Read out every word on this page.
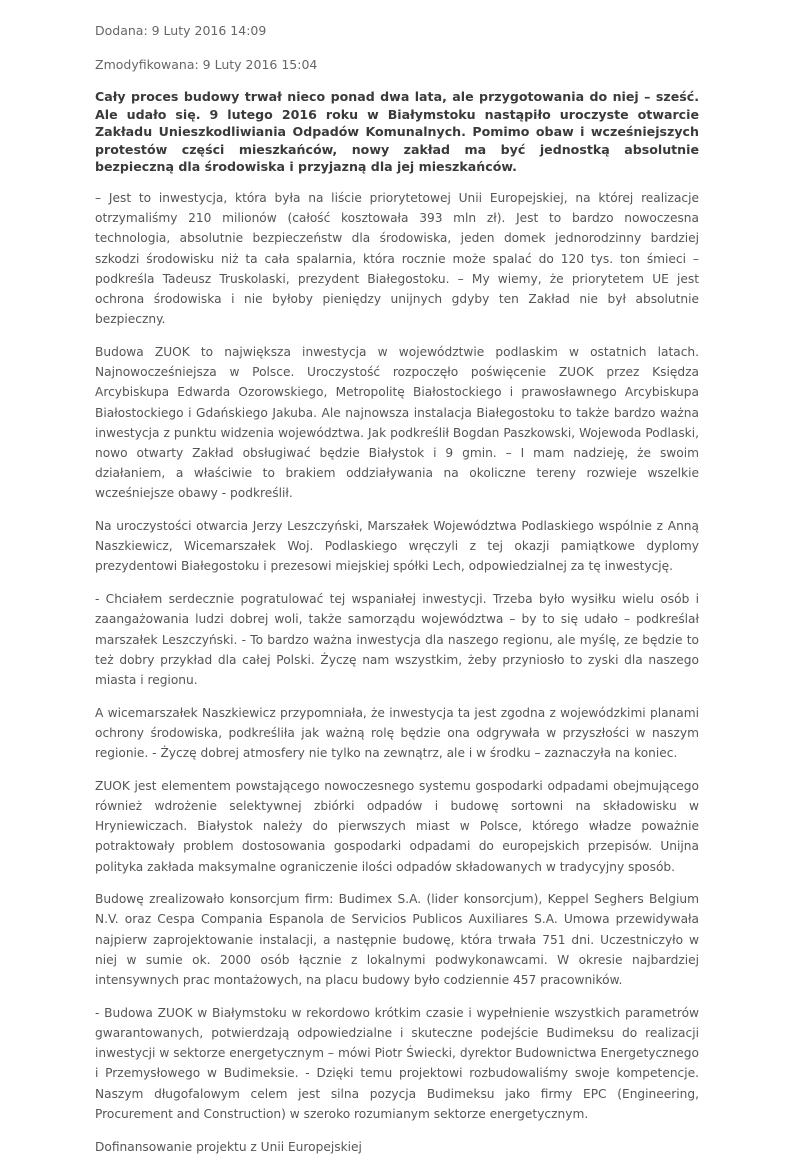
Dodana: 9 Luty 2016 14:09

Zmodyfikowana: 9 Luty 2016 15:04

Cały proces budowy trwał nieco ponad dwa lata, ale przygotowania do niej – sześć. Ale udało się. 9 lutego 2016 roku w Białymstoku nastąpiło uroczyste otwarcie Zakładu Unieszkodliwiania Odpadów Komunalnych. Pomimo obaw i wcześniejszych protestów części mieszkańców, nowy zakład ma być jednostką absolutnie bezpieczną dla środowiska i przyjazną dla jej mieszkańców.

– Jest to inwestycja, która była na liście priorytetowej Unii Europejskiej, na której realizacje otrzymaliśmy 210 milionów (całość kosztowała 393 mln zł). Jest to bardzo nowoczesna technologia, absolutnie bezpieczeństw dla środowiska, jeden domek jednorodzinny bardziej szkodzi środowisku niż ta cała spalarnia, która rocznie może spalać do 120 tys. ton śmieci – podkreśla Tadeusz Truskolaski, prezydent Białegostoku. – My wiemy, że priorytetem UE jest ochrona środowiska i nie byłoby pieniędzy unijnych gdyby ten Zakład nie był absolutnie bezpieczny.

Budowa ZUOK to największa inwestycja w województwie podlaskim w ostatnich latach. Najnowocześniejsza w Polsce. Uroczystość rozpoczęło poświęcenie ZUOK przez Księdza Arcybiskupa Edwarda Ozorowskiego, Metropolitę Białostockiego i prawosławnego Arcybiskupa Białostockiego i Gdańskiego Jakuba. Ale najnowsza instalacja Białegostoku to także bardzo ważna inwestycja z punktu widzenia województwa. Jak podkreślił Bogdan Paszkowski, Wojewoda Podlaski, nowo otwarty Zakład obsługiwać będzie Białystok i 9 gmin. – I mam nadzieję, że swoim działaniem, a właściwie to brakiem oddziaływania na okoliczne tereny rozwieje wszelkie wcześniejsze obawy - podkreślił.

Na uroczystości otwarcia Jerzy Leszczyński, Marszałek Województwa Podlaskiego wspólnie z Anną Naszkiewicz, Wicemarszałek Woj. Podlaskiego wręczyli z tej okazji pamiątkowe dyplomy prezydentowi Białegostoku i prezesowi miejskiej spółki Lech, odpowiedzialnej za tę inwestycję.

- Chciałem serdecznie pogratulować tej wspaniałej inwestycji. Trzeba było wysiłku wielu osób i zaangażowania ludzi dobrej woli, także samorządu województwa – by to się udało – podkreślał marszałek Leszczyński. - To bardzo ważna inwestycja dla naszego regionu, ale myślę, ze będzie to też dobry przykład dla całej Polski. Życzę nam wszystkim, żeby przyniosło to zyski dla naszego miasta i regionu.

A wicemarszałek Naszkiewicz przypomniała, że inwestycja ta jest zgodna z wojewódzkimi planami ochrony środowiska, podkreśliła jak ważną rolę będzie ona odgrywała w przyszłości w naszym regionie. - Życzę dobrej atmosfery nie tylko na zewnątrz, ale i w środku – zaznaczyła na koniec.

ZUOK jest elementem powstającego nowoczesnego systemu gospodarki odpadami obejmującego również wdrożenie selektywnej zbiórki odpadów i budowę sortowni na składowisku w Hryniewiczach. Białystok należy do pierwszych miast w Polsce, którego władze poważnie potraktowały problem dostosowania gospodarki odpadami do europejskich przepisów. Unijna polityka zakłada maksymalne ograniczenie ilości odpadów składowanych w tradycyjny sposób.

Budowę zrealizowało konsorcjum firm: Budimex S.A. (lider konsorcjum), Keppel Seghers Belgium N.V. oraz Cespa Compania Espanola de Servicios Publicos Auxiliares S.A. Umowa przewidywała najpierw zaprojektowanie instalacji, a następnie budowę, która trwała 751 dni. Uczestniczyło w niej w sumie ok. 2000 osób łącznie z lokalnymi podwykonawcami. W okresie najbardziej intensywnych prac montażowych, na placu budowy było codziennie 457 pracowników.

- Budowa ZUOK w Białymstoku w rekordowo krótkim czasie i wypełnienie wszystkich parametrów gwarantowanych, potwierdzają odpowiedzialne i skuteczne podejście Budimeksu do realizacji inwestycji w sektorze energetycznym – mówi Piotr Świecki, dyrektor Budownictwa Energetycznego i Przemysłowego w Budimeksie. - Dzięki temu projektowi rozbudowaliśmy swoje kompetencje. Naszym długofalowym celem jest silna pozycja Budimeksu jako firmy EPC (Engineering, Procurement and Construction) w szeroko rozumianym sektorze energetycznym.

Dofinansowanie projektu z Unii Europejskiej
